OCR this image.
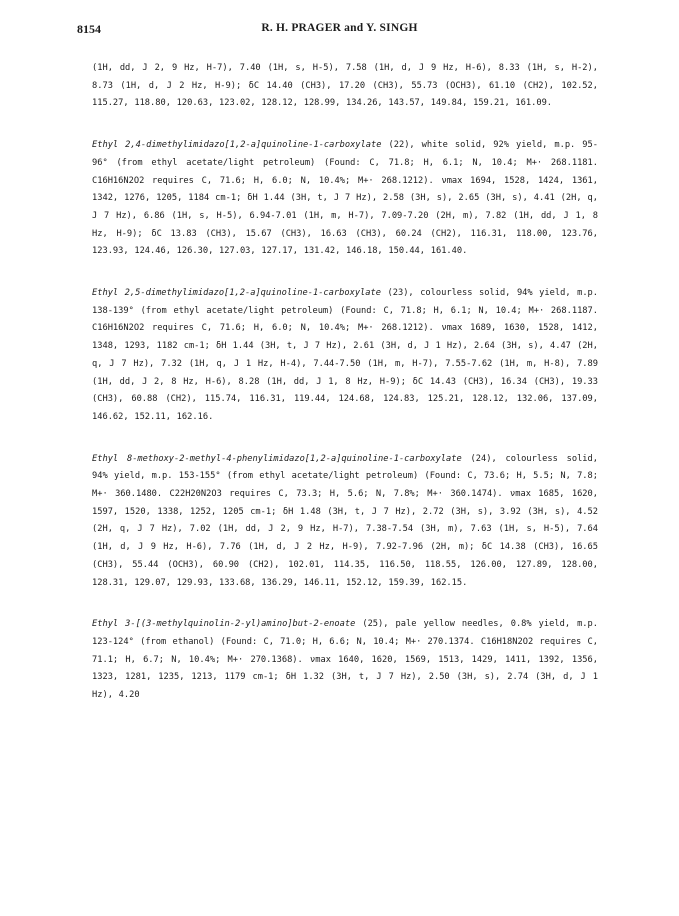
8154	R. H. PRAGER and Y. SINGH

(1H, dd, J 2, 9 Hz, H-7), 7.40 (1H, s, H-5), 7.58 (1H, d, J 9 Hz, H-6), 8.33 (1H, s, H-2), 8.73 (1H, d, J 2 Hz, H-9); δC 14.40 (CH3), 17.20 (CH3), 55.73 (OCH3), 61.10 (CH2), 102.52, 115.27, 118.80, 120.63, 123.02, 128.12, 128.99, 134.26, 143.57, 149.84, 159.21, 161.09.

Ethyl 2,4-dimethylimidazo[1,2-a]quinoline-1-carboxylate (22), white solid, 92% yield, m.p. 95-96° (from ethyl acetate/light petroleum) (Found: C, 71.8; H, 6.1; N, 10.4; M+· 268.1181. C16H16N2O2 requires C, 71.6; H, 6.0; N, 10.4%; M+· 268.1212). νmax 1694, 1528, 1424, 1361, 1342, 1276, 1205, 1184 cm-1; δH 1.44 (3H, t, J 7 Hz), 2.58 (3H, s), 2.65 (3H, s), 4.41 (2H, q, J 7 Hz), 6.86 (1H, s, H-5), 6.94-7.01 (1H, m, H-7), 7.09-7.20 (2H, m), 7.82 (1H, dd, J 1, 8 Hz, H-9); δC 13.83 (CH3), 15.67 (CH3), 16.63 (CH3), 60.24 (CH2), 116.31, 118.00, 123.76, 123.93, 124.46, 126.30, 127.03, 127.17, 131.42, 146.18, 150.44, 161.40.

Ethyl 2,5-dimethylimidazo[1,2-a]quinoline-1-carboxylate (23), colourless solid, 94% yield, m.p. 138-139° (from ethyl acetate/light petroleum) (Found: C, 71.8; H, 6.1; N, 10.4; M+· 268.1187. C16H16N2O2 requires C, 71.6; H, 6.0; N, 10.4%; M+· 268.1212). νmax 1689, 1630, 1528, 1412, 1348, 1293, 1182 cm-1; δH 1.44 (3H, t, J 7 Hz), 2.61 (3H, d, J 1 Hz), 2.64 (3H, s), 4.47 (2H, q, J 7 Hz), 7.32 (1H, q, J 1 Hz, H-4), 7.44-7.50 (1H, m, H-7), 7.55-7.62 (1H, m, H-8), 7.89 (1H, dd, J 2, 8 Hz, H-6), 8.28 (1H, dd, J 1, 8 Hz, H-9); δC 14.43 (CH3), 16.34 (CH3), 19.33 (CH3), 60.88 (CH2), 115.74, 116.31, 119.44, 124.68, 124.83, 125.21, 128.12, 132.06, 137.09, 146.62, 152.11, 162.16.

Ethyl 8-methoxy-2-methyl-4-phenylimidazo[1,2-a]quinoline-1-carboxylate (24), colourless solid, 94% yield, m.p. 153-155° (from ethyl acetate/light petroleum) (Found: C, 73.6; H, 5.5; N, 7.8; M+· 360.1480. C22H20N2O3 requires C, 73.3; H, 5.6; N, 7.8%; M+· 360.1474). νmax 1685, 1620, 1597, 1520, 1338, 1252, 1205 cm-1; δH 1.48 (3H, t, J 7 Hz), 2.72 (3H, s), 3.92 (3H, s), 4.52 (2H, q, J 7 Hz), 7.02 (1H, dd, J 2, 9 Hz, H-7), 7.38-7.54 (3H, m), 7.63 (1H, s, H-5), 7.64 (1H, d, J 9 Hz, H-6), 7.76 (1H, d, J 2 Hz, H-9), 7.92-7.96 (2H, m); δC 14.38 (CH3), 16.65 (CH3), 55.44 (OCH3), 60.90 (CH2), 102.01, 114.35, 116.50, 118.55, 126.00, 127.89, 128.00, 128.31, 129.07, 129.93, 133.68, 136.29, 146.11, 152.12, 159.39, 162.15.

Ethyl 3-[(3-methylquinolin-2-yl)amino]but-2-enoate (25), pale yellow needles, 0.8% yield, m.p. 123-124° (from ethanol) (Found: C, 71.0; H, 6.6; N, 10.4; M+· 270.1374. C16H18N2O2 requires C, 71.1; H, 6.7; N, 10.4%; M+· 270.1368). νmax 1640, 1620, 1569, 1513, 1429, 1411, 1392, 1356, 1323, 1281, 1235, 1213, 1179 cm-1; δH 1.32 (3H, t, J 7 Hz), 2.50 (3H, s), 2.74 (3H, d, J 1 Hz), 4.20
